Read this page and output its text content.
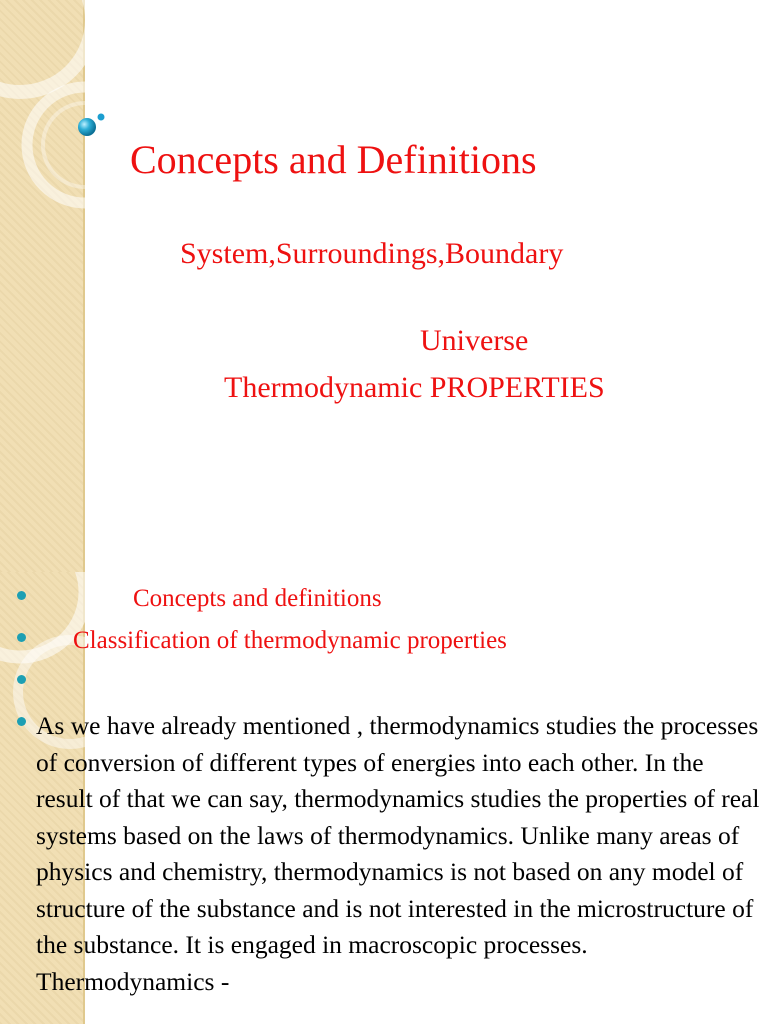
Concepts and Definitions

System,Surroundings,Boundary

Universe

Thermodynamic PROPERTIES

Concepts and definitions

Classification of thermodynamic properties

As we have already mentioned , thermodynamics studies the processes of conversion of different types of energies into each other. In the result of that we can say, thermodynamics studies the properties of real systems based on the laws of thermodynamics. Unlike many areas of physics and chemistry, thermodynamics is not based on any model of structure of the substance and is not interested in the microstructure of the substance. It is engaged in macroscopic processes. Thermodynamics -
